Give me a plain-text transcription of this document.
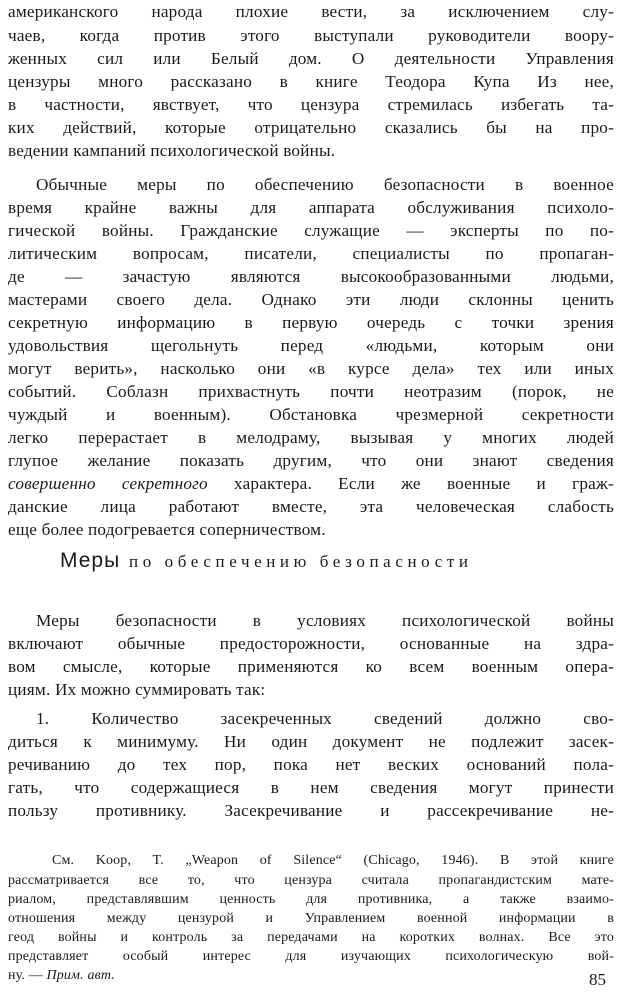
американского народа плохие вести, за исключением слу-
чаев, когда против этого выступали руководители воору-
женных сил или Белый дом. О деятельности Управления
цензуры много рассказано в книге Теодора Купа Из нее,
в частности, явствует, что цензура стремилась избегать та-
ких действий, которые отрицательно сказались бы на про-
ведении кампаний психологической войны.
Обычные меры по обеспечению безопасности в военное
время крайне важны для аппарата обслуживания психоло-
гической войны. Гражданские служащие — эксперты по по-
литическим вопросам, писатели, специалисты по пропаган-
де — зачастую являются высокообразованными людьми,
мастерами своего дела. Однако эти люди склонны ценить
секретную информацию в первую очередь с точки зрения
удовольствия щегольнуть перед «людьми, которым они
могут верить», насколько они «в курсе дела» тех или иных
событий. Соблазн прихвастнуть почти неотразим (порок, не
чуждый и военным). Обстановка чрезмерной секретности
легко перерастает в мелодраму, вызывая у многих людей
глупое желание показать другим, что они знают сведения
совершенно секретного характера. Если же военные и граж-
данские лица работают вместе, эта человеческая слабость
еще более подогревается соперничеством.
Меры по обеспечению безопасности
Меры безопасности в условиях психологической войны
включают обычные предосторожности, основанные на здра-
вом смысле, которые применяются ко всем военным опера-
циям. Их можно суммировать так:
1. Количество засекреченных сведений должно сво-
диться к минимуму. Ни один документ не подлежит засек-
речиванию до тех пор, пока нет веских оснований пола-
гать, что содержащиеся в нем сведения могут принести
пользу противнику. Засекречивание и рассекречивание не-
См. Koop, T. „Weapon of Silence“ (Chicago, 1946). В этой книге
рассматривается все то, что цензура считала пропагандистским мате-
риалом, представлявшим ценность для противника, а также взаимо-
отношения между цензурой и Управлением военной информации в
геод войны и контроль за передачами на коротких волнах. Все это
представляет особый интерес для изучающих психологическую вой-
ну. — Прим. авт.	85
